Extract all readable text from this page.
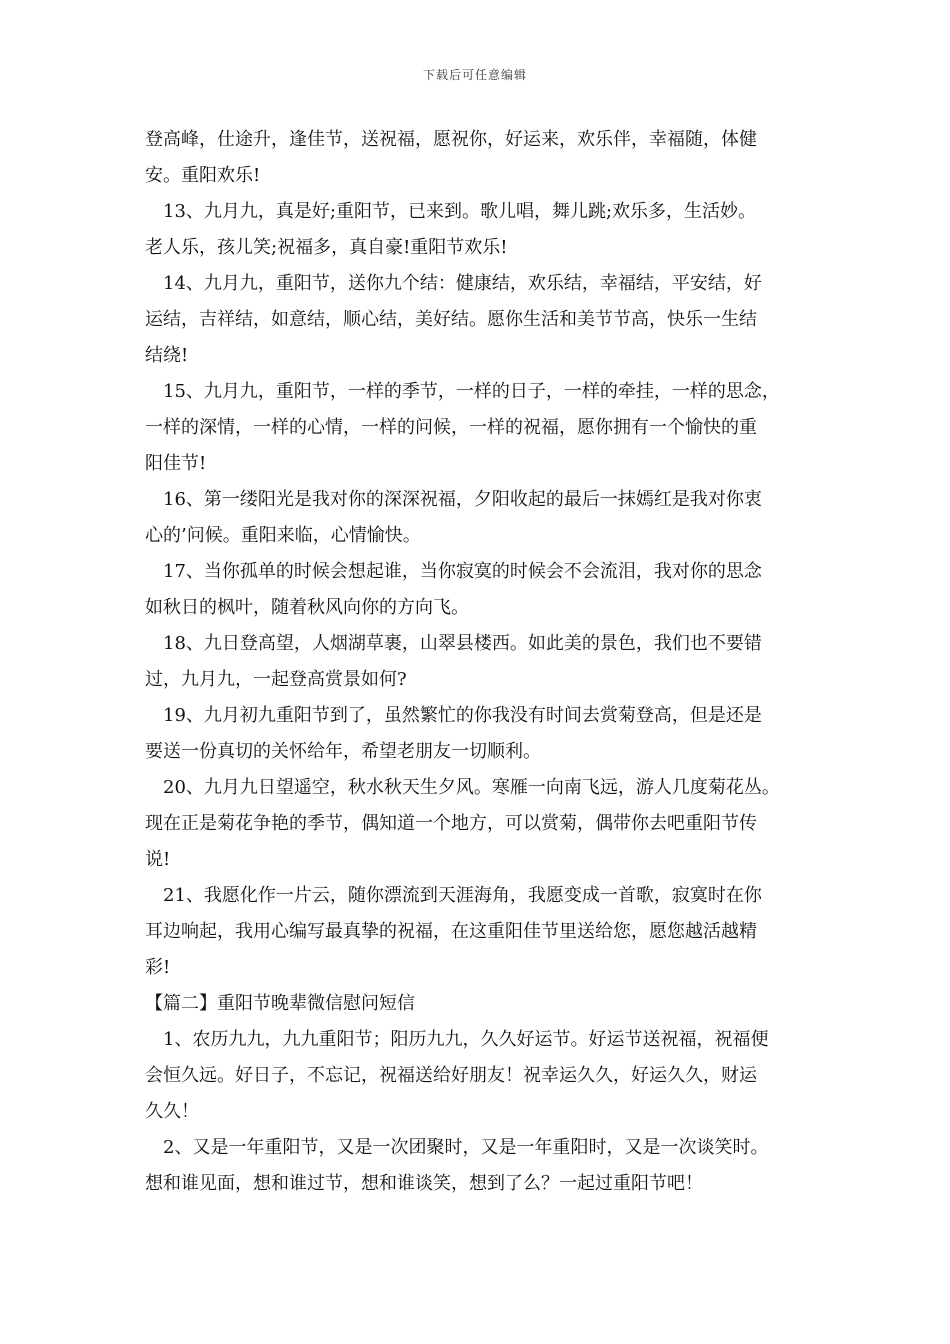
下载后可任意编辑

登高峰，仕途升，逢佳节，送祝福，愿祝你，好运来，欢乐伴，幸福随，体健
安。重阳欢乐!

13、九月九，真是好;重阳节，已来到。歌儿唱，舞儿跳;欢乐多，生活妙。
老人乐，孩儿笑;祝福多，真自豪!重阳节欢乐!

14、九月九，重阳节，送你九个结：健康结，欢乐结，幸福结，平安结，好
运结，吉祥结，如意结，顺心结，美好结。愿你生活和美节节高，快乐一生结
结绕!

15、九月九，重阳节，一样的季节，一样的日子，一样的牵挂，一样的思念，
一样的深情，一样的心情，一样的问候，一样的祝福，愿你拥有一个愉快的重
阳佳节!

16、第一缕阳光是我对你的深深祝福，夕阳收起的最后一抹嫣红是我对你衷
心的’问候。重阳来临，心情愉快。

17、当你孤单的时候会想起谁，当你寂寞的时候会不会流泪，我对你的思念
如秋日的枫叶，随着秋风向你的方向飞。

18、九日登高望，人烟湖草裹，山翠县楼西。如此美的景色，我们也不要错
过，九月九，一起登高赏景如何?

19、九月初九重阳节到了，虽然繁忙的你我没有时间去赏菊登高，但是还是
要送一份真切的关怀给年，希望老朋友一切顺利。

20、九月九日望遥空，秋水秋天生夕风。寒雁一向南飞远，游人几度菊花丛。
现在正是菊花争艳的季节，偶知道一个地方，可以赏菊，偶带你去吧重阳节传
说!

21、我愿化作一片云，随你漂流到天涯海角，我愿变成一首歌，寂寞时在你
耳边响起，我用心编写最真挚的祝福，在这重阳佳节里送给您，愿您越活越精
彩!

【篇二】重阳节晚辈微信慰问短信

1、农历九九，九九重阳节；阳历九九，久久好运节。好运节送祝福，祝福便
会恒久远。好日子，不忘记，祝福送给好朋友！祝幸运久久，好运久久，财运
久久！

2、又是一年重阳节，又是一次团聚时，又是一年重阳时，又是一次谈笑时。
想和谁见面，想和谁过节，想和谁谈笑，想到了么？一起过重阳节吧！
